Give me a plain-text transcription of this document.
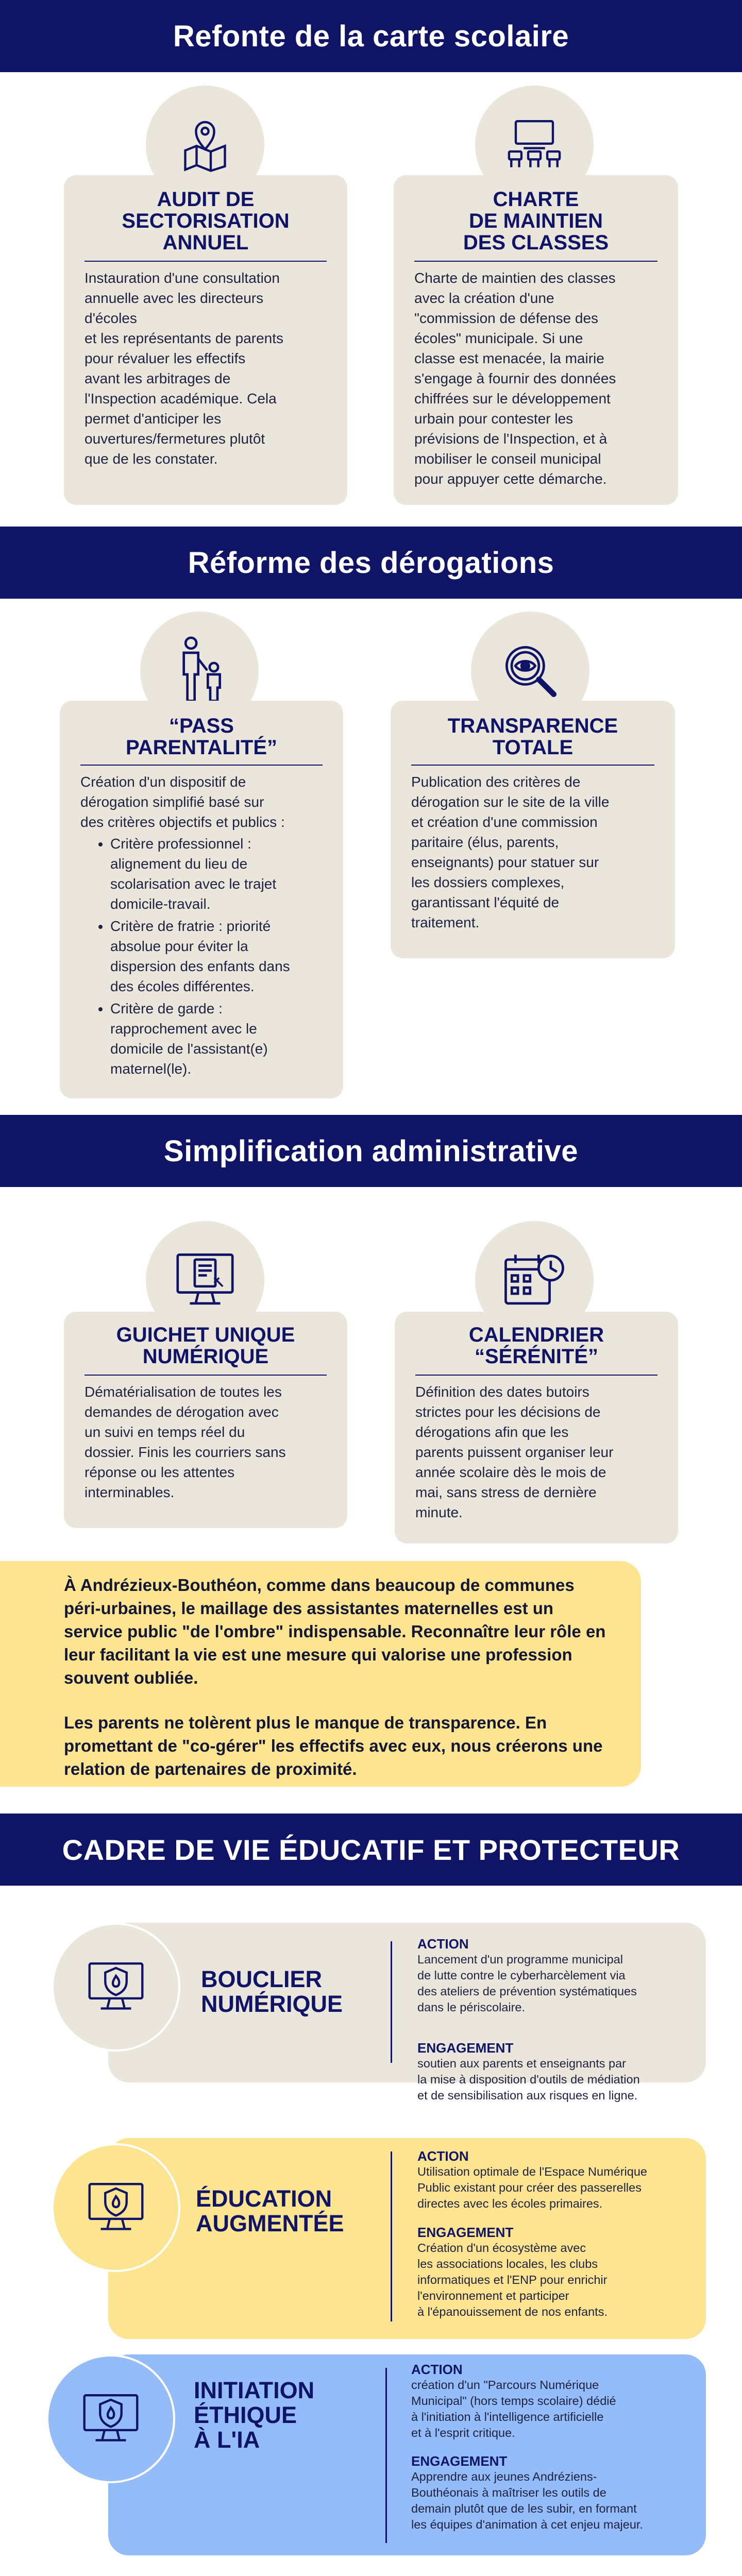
Refonte de la carte scolaire
AUDIT DE
SECTORISATION
ANNUEL
Instauration d'une consultation
annuelle avec les directeurs
d'écoles
et les représentants de parents
pour révaluer les effectifs
avant les arbitrages de
l'Inspection académique. Cela
permet d'anticiper les
ouvertures/fermetures plutôt
que de les constater.
CHARTE
DE MAINTIEN
DES CLASSES
Charte de maintien des classes
avec la création d'une
"commission de défense des
écoles" municipale. Si une
classe est menacée, la mairie
s'engage à fournir des données
chiffrées sur le développement
urbain pour contester les
prévisions de l'Inspection, et à
mobiliser le conseil municipal
pour appuyer cette démarche.
Réforme des dérogations
“PASS
PARENTALITÉ”
Création d'un dispositif de
dérogation simplifié basé sur
des critères objectifs et publics :
• Critère professionnel :
alignement du lieu de
scolarisation avec le trajet
domicile-travail.
• Critère de fratrie : priorité
absolue pour éviter la
dispersion des enfants dans
des écoles différentes.
• Critère de garde :
rapprochement avec le
domicile de l'assistant(e)
maternel(le).
TRANSPARENCE
TOTALE
Publication des critères de
dérogation sur le site de la ville
et création d'une commission
paritaire (élus, parents,
enseignants) pour statuer sur
les dossiers complexes,
garantissant l'équité de
traitement.
Simplification administrative
GUICHET UNIQUE
NUMÉRIQUE
Dématérialisation de toutes les
demandes de dérogation avec
un suivi en temps réel du
dossier. Finis les courriers sans
réponse ou les attentes
interminables.
CALENDRIER
“SÉRÉNITÉ”
Définition des dates butoirs
strictes pour les décisions de
dérogations afin que les
parents puissent organiser leur
année scolaire dès le mois de
mai, sans stress de dernière
minute.

À Andrézieux-Bouthéon, comme dans beaucoup de communes péri-urbaines, le maillage des assistantes maternelles est un service public "de l'ombre" indispensable. Reconnaître leur rôle en leur facilitant la vie est une mesure qui valorise une profession souvent oubliée.

Les parents ne tolèrent plus le manque de transparence. En promettant de "co-gérer" les effectifs avec eux, nous créerons une relation de partenaires de proximité.

CADRE DE VIE ÉDUCATIF ET PROTECTEUR
BOUCLIER
NUMÉRIQUE
ACTION
Lancement d'un programme municipal
de lutte contre le cyberharcèlement via
des ateliers de prévention systématiques
dans le périscolaire.
ENGAGEMENT
soutien aux parents et enseignants par
la mise à disposition d'outils de médiation
et de sensibilisation aux risques en ligne.
ÉDUCATION
AUGMENTÉE
ACTION
Utilisation optimale de l'Espace Numérique
Public existant pour créer des passerelles
directes avec les écoles primaires.
ENGAGEMENT
Création d'un écosystème avec
les associations locales, les clubs
informatiques et l'ENP pour enrichir
l'environnement et participer
à l'épanouissement de nos enfants.
INITIATION
ÉTHIQUE
À L'IA
ACTION
création d'un "Parcours Numérique
Municipal" (hors temps scolaire) dédié
à l'initiation à l'intelligence artificielle
et à l'esprit critique.
ENGAGEMENT
Apprendre aux jeunes Andréziens-
Bouthéonais à maîtriser les outils de
demain plutôt que de les subir, en formant
les équipes d'animation à cet enjeu majeur.
